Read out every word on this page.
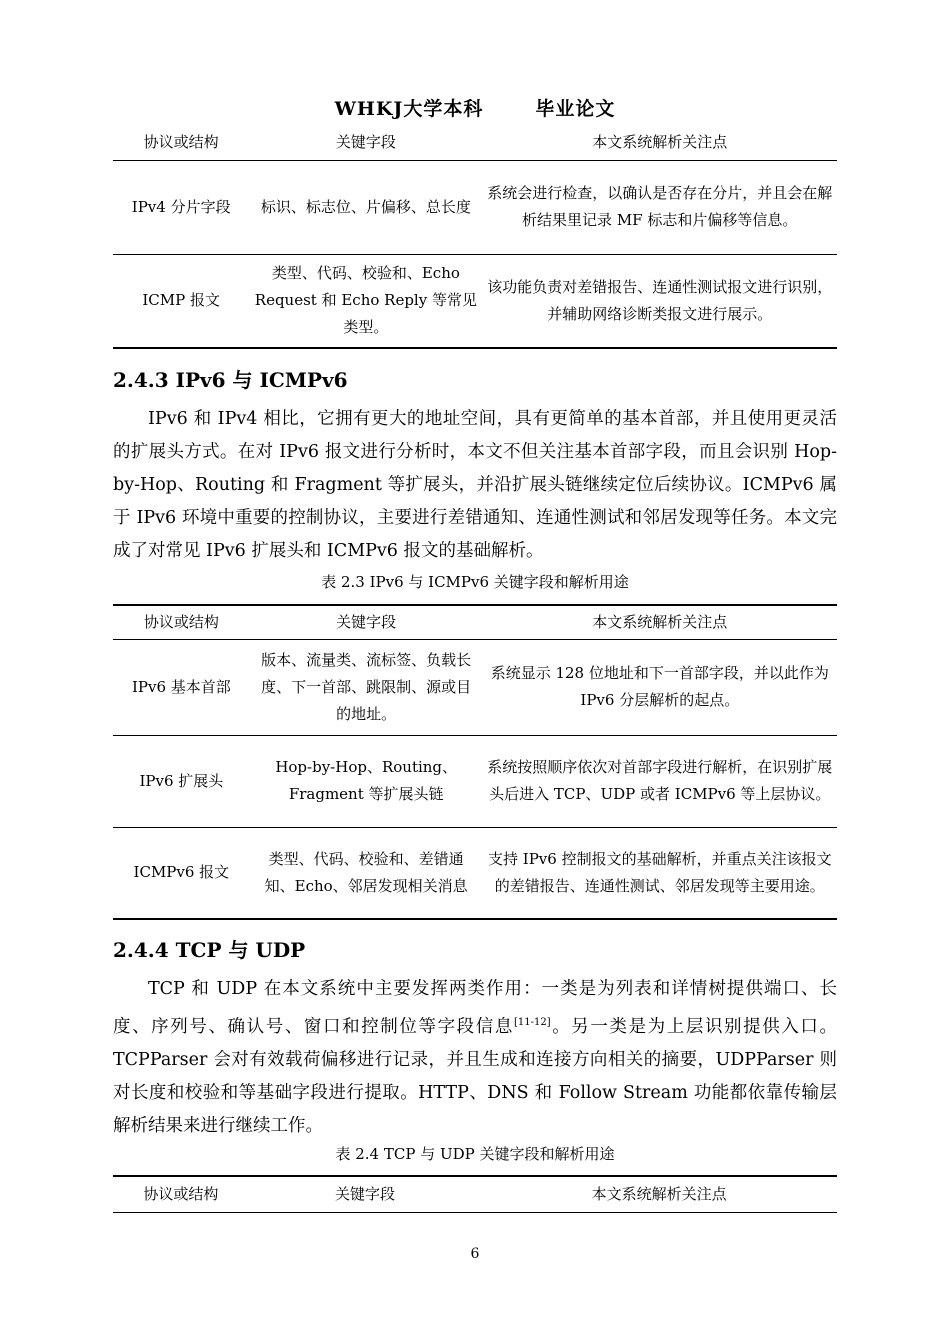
WHKJ大学本科	毕业论文
协议或结构	关键字段	本文系统解析关注点
IPv4 分片字段	标识、标志位、片偏移、总长度	系统会进行检查，以确认是否存在分片，并且会在解析结果里记录 MF 标志和片偏移等信息。
ICMP 报文	类型、代码、校验和、Echo Request 和 Echo Reply 等常见类型。	该功能负责对差错报告、连通性测试报文进行识别，并辅助网络诊断类报文进行展示。
2.4.3 IPv6 与 ICMPv6

IPv6 和 IPv4 相比，它拥有更大的地址空间，具有更简单的基本首部，并且使用更灵活的扩展头方式。在对 IPv6 报文进行分析时，本文不但关注基本首部字段，而且会识别 Hop-by-Hop、Routing 和 Fragment 等扩展头，并沿扩展头链继续定位后续协议。ICMPv6 属于 IPv6 环境中重要的控制协议，主要进行差错通知、连通性测试和邻居发现等任务。本文完成了对常见 IPv6 扩展头和 ICMPv6 报文的基础解析。

表 2.3 IPv6 与 ICMPv6 关键字段和解析用途
协议或结构	关键字段	本文系统解析关注点
IPv6 基本首部	版本、流量类、流标签、负载长度、下一首部、跳限制、源或目的地址。	系统显示 128 位地址和下一首部字段，并以此作为 IPv6 分层解析的起点。
IPv6 扩展头	Hop-by-Hop、Routing、Fragment 等扩展头链	系统按照顺序依次对首部字段进行解析，在识别扩展头后进入 TCP、UDP 或者 ICMPv6 等上层协议。
ICMPv6 报文	类型、代码、校验和、差错通知、Echo、邻居发现相关消息	支持 IPv6 控制报文的基础解析，并重点关注该报文的差错报告、连通性测试、邻居发现等主要用途。
2.4.4 TCP 与 UDP

TCP 和 UDP 在本文系统中主要发挥两类作用：一类是为列表和详情树提供端口、长度、序列号、确认号、窗口和控制位等字段信息[11-12]。另一类是为上层识别提供入口。TCPParser 会对有效载荷偏移进行记录，并且生成和连接方向相关的摘要，UDPParser 则对长度和校验和等基础字段进行提取。HTTP、DNS 和 Follow Stream 功能都依靠传输层解析结果来进行继续工作。

表 2.4 TCP 与 UDP 关键字段和解析用途
协议或结构	关键字段	本文系统解析关注点
6
